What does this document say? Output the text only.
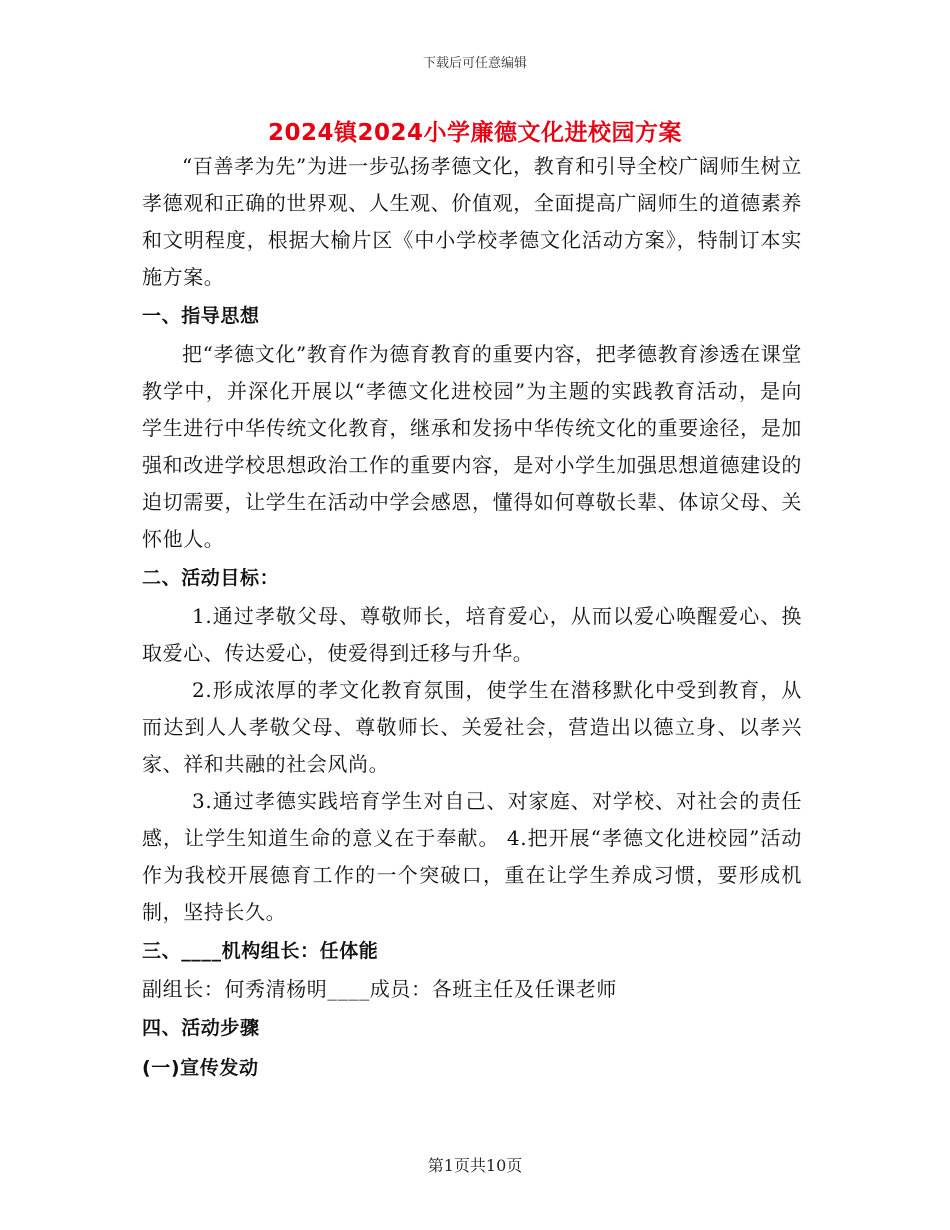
下载后可任意编辑
2024镇2024小学廉德文化进校园方案

“百善孝为先”为进一步弘扬孝德文化，教育和引导全校广阔师生树立孝德观和正确的世界观、人生观、价值观，全面提高广阔师生的道德素养和文明程度，根据大榆片区《中小学校孝德文化活动方案》，特制订本实施方案。

一、指导思想

把“孝德文化”教育作为德育教育的重要内容，把孝德教育渗透在课堂教学中，并深化开展以“孝德文化进校园”为主题的实践教育活动，是向学生进行中华传统文化教育，继承和发扬中华传统文化的重要途径，是加强和改进学校思想政治工作的重要内容，是对小学生加强思想道德建设的迫切需要，让学生在活动中学会感恩，懂得如何尊敬长辈、体谅父母、关怀他人。

二、活动目标：

1.通过孝敬父母、尊敬师长，培育爱心，从而以爱心唤醒爱心、换取爱心、传达爱心，使爱得到迁移与升华。

2.形成浓厚的孝文化教育氛围，使学生在潜移默化中受到教育，从而达到人人孝敬父母、尊敬师长、关爱社会，营造出以德立身、以孝兴家、祥和共融的社会风尚。

3.通过孝德实践培育学生对自己、对家庭、对学校、对社会的责任感，让学生知道生命的意义在于奉献。 4.把开展“孝德文化进校园”活动作为我校开展德育工作的一个突破口，重在让学生养成习惯，要形成机制，坚持长久。

三、____机构组长：任体能

副组长：何秀清杨明____成员：各班主任及任课老师

四、活动步骤

(一)宣传发动

第1页共10页
